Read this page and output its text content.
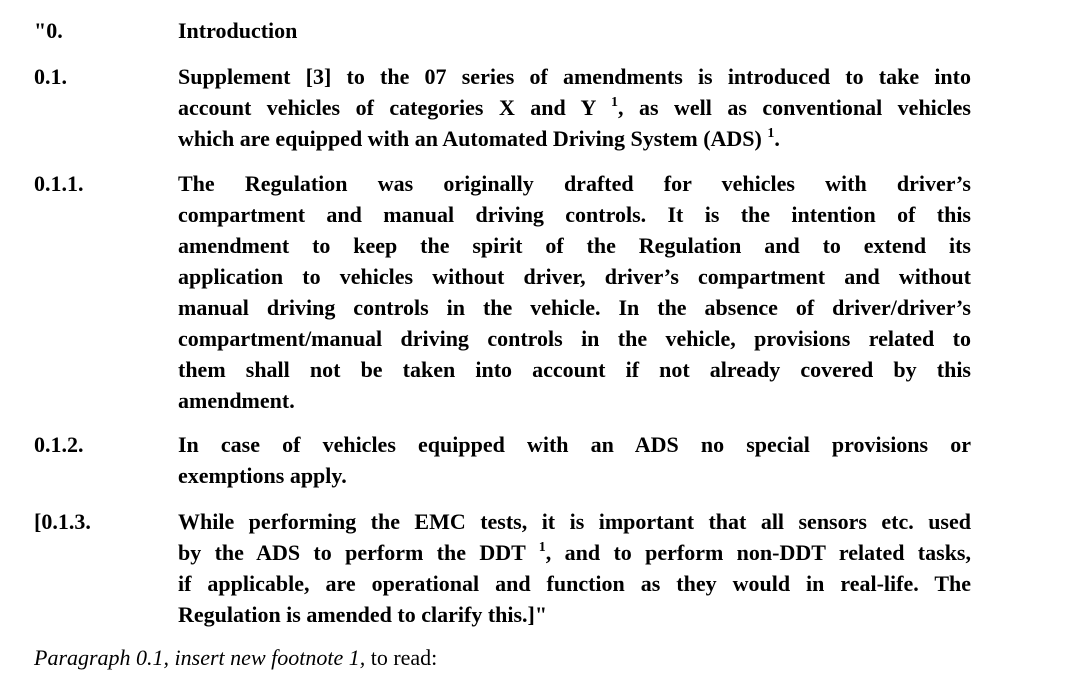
"0.	Introduction
0.1.	Supplement [3] to the 07 series of amendments is introduced to take into
account vehicles of categories X and Y $^1$, as well as conventional vehicles
which are equipped with an Automated Driving System (ADS) $^1$.
0.1.1.	The Regulation was originally drafted for vehicles with driver’s
compartment and manual driving controls. It is the intention of this
amendment to keep the spirit of the Regulation and to extend its
application to vehicles without driver, driver’s compartment and without
manual driving controls in the vehicle. In the absence of driver/driver’s
compartment/manual driving controls in the vehicle, provisions related to
them shall not be taken into account if not already covered by this
amendment.
0.1.2.	In case of vehicles equipped with an ADS no special provisions or
exemptions apply.
[0.1.3.	While performing the EMC tests, it is important that all sensors etc. used
by the ADS to perform the DDT $^1$, and to perform non-DDT related tasks,
if applicable, are operational and function as they would in real-life. The
Regulation is amended to clarify this.]"
Paragraph 0.1, insert new footnote 1, to read:
